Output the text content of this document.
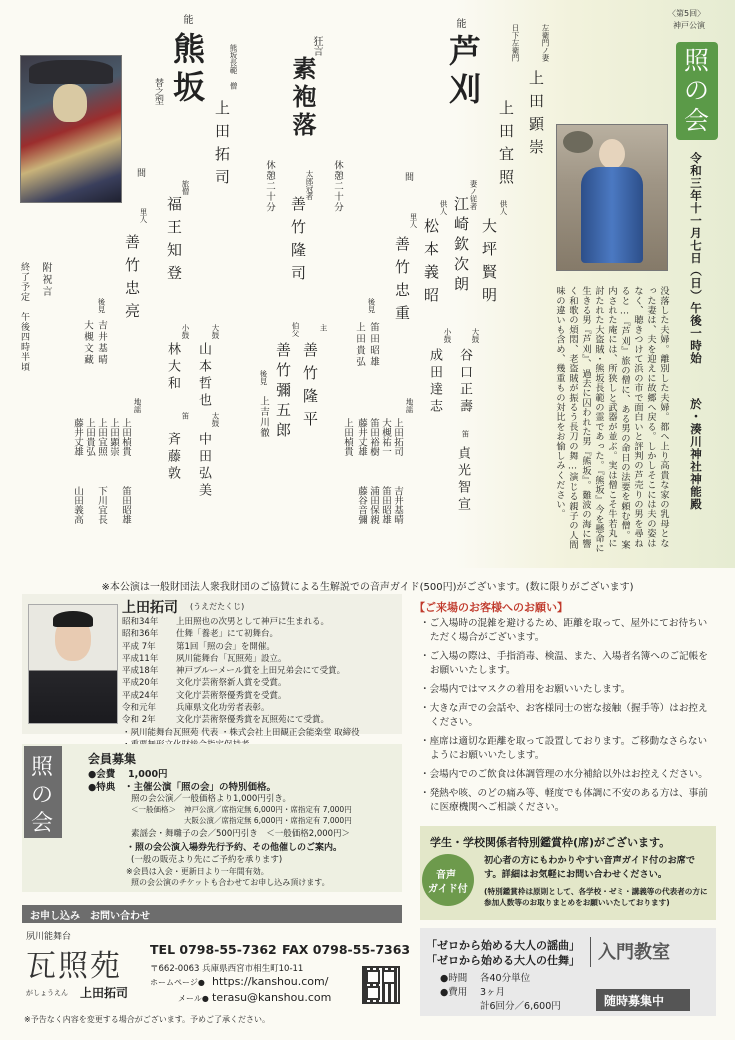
〈第5回〉
神戸公演
照
の
会
令和三年十一月七日（日）午後一時始
於・湊川神社神能殿
没落した夫婦。離別した夫婦。都へ上り高貴な家の乳母となった妻は、夫を迎えに故郷へ戻る。しかしそこには夫の姿はなく、聴きつけて浜の市で面白いと評判の芦売りの男を尋ねると…『芦刈』旅の僧に、ある男の命日の法要を頼む僧。案内された庵には、所狭しと武器が並ぶ。実は僧こそ牛若丸に討たれた大盗賊・熊坂長範の霊であった。『熊坂』今を懸命に生きる男『芦刈』、過去に囚われた男『熊坂』。難波の海に響く和歌の煩悶、老盗賊が振るう長刀の舞…演じる親子の人間味の違いも含め、幾重もの対比をお愉しみください。
能
芦刈	左衛門ノ妻
上田顕崇
日下左衛門
上田宜照
供人
大坪賢明
妻ノ従者
江崎欽次朗
供人
松本義昭
間
里人
善竹忠重
大鼓
谷口正壽
小鼓
成田達志
笛
貞光智宣
後見
笛田昭雄
上田貴弘
地謡
上田拓司
大槻祐一
笛田裕樹
藤井丈雄
上田楨貴
吉井基晴
笛田昭雄
浦田保親
藤谷音彌
狂言
素袍落
休憩二十分
休憩二十分	太郎冠者
善竹隆司
主
善竹隆平
伯父
善竹彌五郎
後見
上吉川徹
能
熊坂
替之型
熊坂長範
僧
上田拓司
旅僧
福王知登
間
里人
善竹忠亮
大鼓
山本哲也
太鼓
中田弘美
小鼓
林大和
笛
斉藤敦
後見
吉井基晴
大槻文藏
地謡
上田楨貴
上田顕崇
上田宜照
上田貴弘
藤井丈雄
笛田昭雄
下川宜長
山田義高
附祝言
終了予定　午後四時半頃
※本公演は一般財団法人衆我財団のご協賛による生解説での音声ガイド(500円)がございます。(数に限りがございます)
上田拓司 (うえだたくじ)
昭和34年 上田照也の次男として神戸に生まれる。
昭和36年 仕舞「養老」にて初舞台。
平成 7年 第1回「照の会」を開催。
平成11年 夙川能舞台「瓦照苑」設立。
平成18年 神戸ブルーメール賞を上田兄弟会にて受賞。
平成20年 文化庁芸術祭新人賞を受賞。
平成24年 文化庁芸術祭優秀賞を受賞。
令和元年 兵庫県文化功労者表彰。
令和 2年 文化庁芸術祭優秀賞を瓦照苑にて受賞。
・夙川能舞台瓦照苑 代表 ・株式会社上田観正会能楽堂 取締役
照
の
会
会員募集
●会費 1,000円
●特典 ・主催公演「照の会」の特別価格。
照の会公演／一般価格より1,000円引き。
＜一般価格＞ 神戸公演／席指定無 6,000円・席指定有 7,000円
大阪公演／席指定無 6,000円・席指定有 7,000円
素謡会・舞囃子の会／500円引き　＜一般価格2,000円＞
・照の会公演入場券先行予約、その他催しのご案内。
(一般の販売より先にご予約を承ります)
※会員は入会・更新日より一年間有効。
照の会公演のチケットも合わせてお申し込み頂けます。
お申し込み　お問い合わせ
夙川能舞台
瓦照苑
がしょうえん 上田拓司
TEL 0798-55-7362 FAX 0798-55-7363
〒662-0063 兵庫県西宮市相生町10-11
ホームページ● https://kanshou.com/
メール● terasu@kanshou.com
※予告なく内容を変更する場合がございます。予めご了承ください。
【ご来場のお客様へのお願い】
・ご入場時の混雑を避けるため、距離を取って、屋外にてお待ちいただく場合がございます。
・ご入場の際は、手指消毒、検温、また、入場者名簿へのご記帳をお願いいたします。
・会場内ではマスクの着用をお願いいたします。
・大きな声での会話や、お客様同士の密な接触（握手等）はお控えください。
・座席は適切な距離を取って設置しております。ご移動なさらないようにお願いいたします。
・会場内でのご飲食は体調管理の水分補給以外はお控えください。
・発熱や咳、のどの痛み等、軽度でも体調に不安のある方は、事前に医療機関へご相談ください。
学生・学校関係者特別鑑賞枠(席)がございます。
音声
ガイド付
初心者の方にもわかりやすい音声ガイド付のお席です。詳細はお気軽にお問い合わせください。
(特別鑑賞枠は原則として、各学校・ゼミ・講義等の代表者の方に参加人数等のお取りまとめをお願いいたしております)
「ゼロから始める大人の謡曲」
「ゼロから始める大人の仕舞」 入門教室
●時間 各40分単位
●費用 3ヶ月
計6回分／6,600円	随時募集中
